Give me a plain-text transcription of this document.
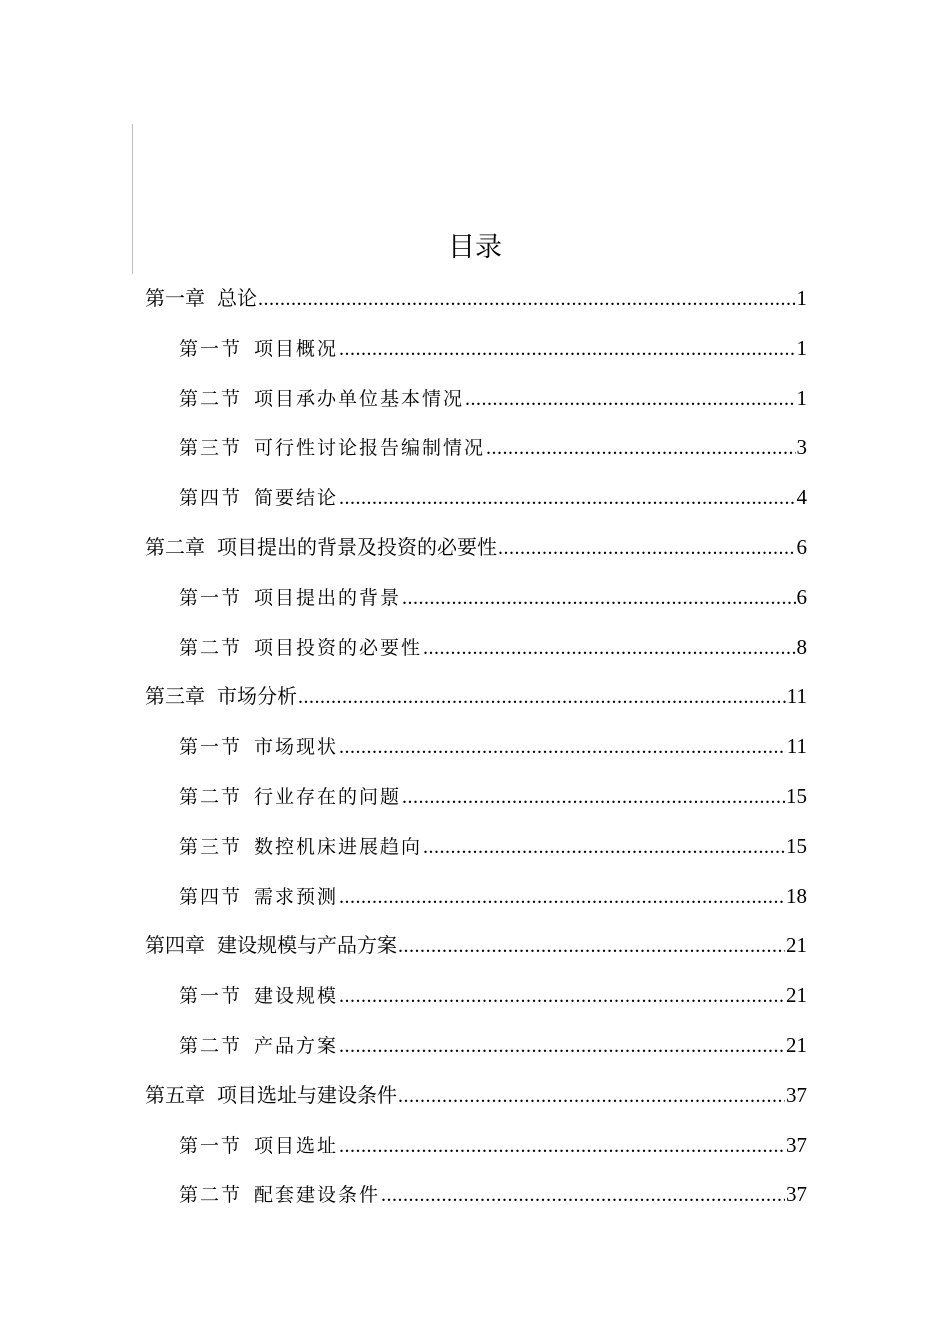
目录
第一章 总论 .....	1
第一节 项目概况 .....	1
第二节 项目承办单位基本情况 .....	1
第三节 可行性讨论报告编制情况 .....	3
第四节 简要结论 .....	4
第二章 项目提出的背景及投资的必要性 .....	6
第一节 项目提出的背景 .....	6
第二节 项目投资的必要性 .....	8
第三章 市场分析 .....	11
第一节 市场现状 .....	11
第二节 行业存在的问题 .....	15
第三节 数控机床进展趋向 .....	15
第四节 需求预测 .....	18
第四章 建设规模与产品方案 .....	21
第一节 建设规模 .....	21
第二节 产品方案 .....	21
第五章 项目选址与建设条件 .....	37
第一节 项目选址 .....	37
第二节 配套建设条件 .....	37
